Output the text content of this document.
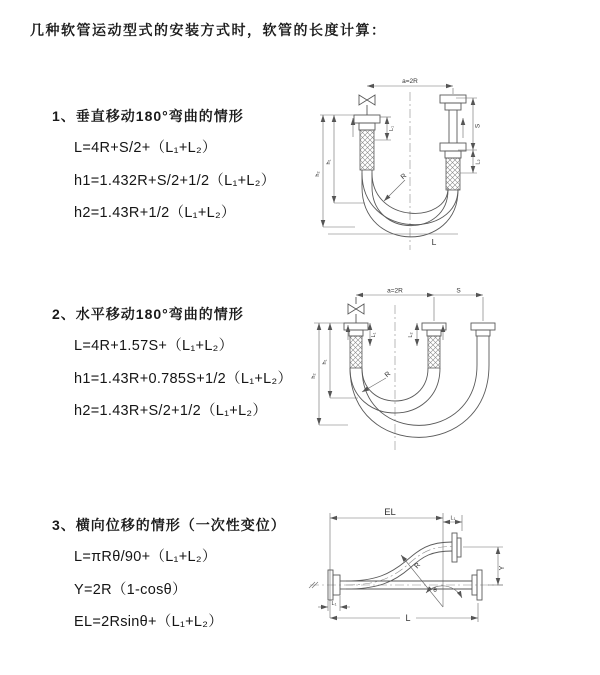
几种软管运动型式的安装方式时，软管的长度计算：
1、垂直移动180°弯曲的情形

L=4R+S/2+（L₁+L₂）

h1=1.432R+S/2+1/2（L₁+L₂）

h2=1.43R+1/2（L₁+L₂）

a=2R
R
S
L₂
L₁
h₁
h₂
L
2、水平移动180°弯曲的情形

L=4R+1.57S+（L₁+L₂）

h1=1.43R+0.785S+1/2（L₁+L₂）

h2=1.43R+S/2+1/2（L₁+L₂）

a=2R	S
L₁	L₂
h₁
h₂	R
3、横向位移的情形（一次性变位）

L=πRθ/90+（L₁+L₂）

Y=2R（1-cosθ）

EL=2Rsinθ+（L₁+L₂）

EL
L₁
Y
R
θ
L
L₁
